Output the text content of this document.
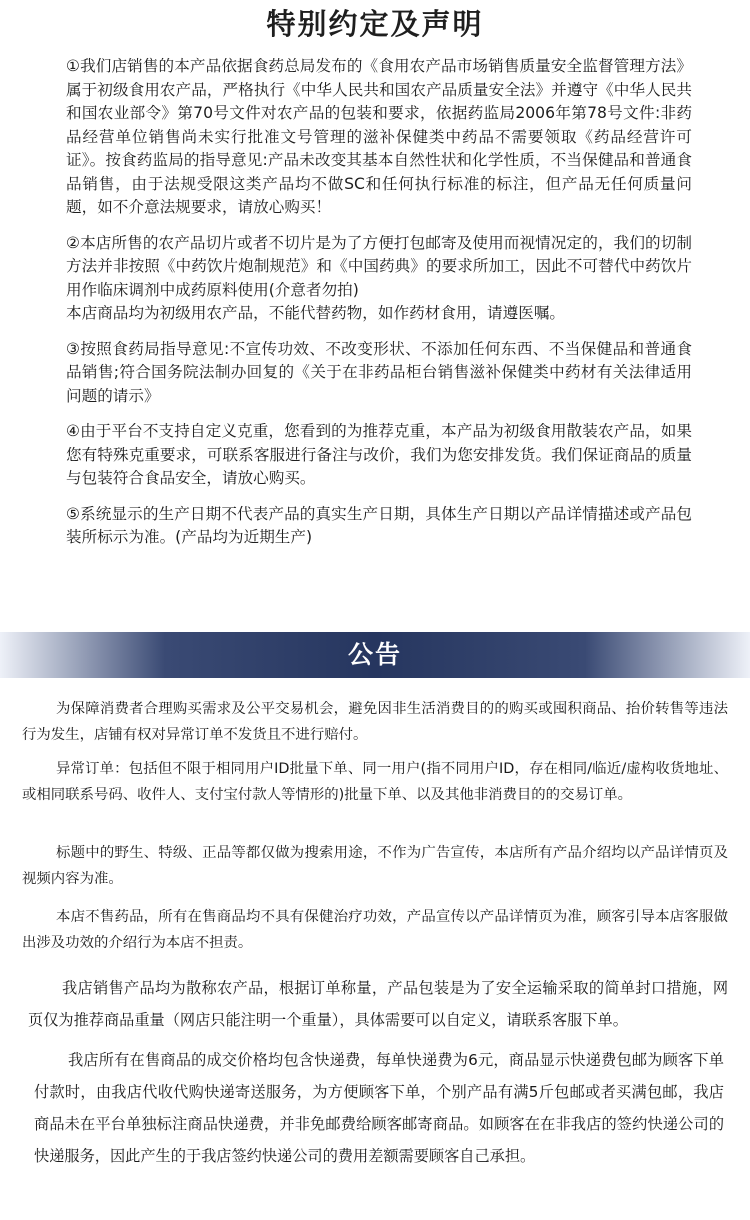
特别约定及声明

①我们店销售的本产品依据食药总局发布的《食用农产品市场销售质量安全监督管理方法》属于初级食用农产品，严格执行《中华人民共和国农产品质量安全法》并遵守《中华人民共和国农业部令》第70号文件对农产品的包装和要求，依据药监局2006年第78号文件:非药品经营单位销售尚未实行批准文号管理的滋补保健类中药品不需要领取《药品经营许可证》。按食药监局的指导意见:产品未改变其基本自然性状和化学性质，不当保健品和普通食品销售，由于法规受限这类产品均不做SC和任何执行标准的标注，但产品无任何质量问题，如不介意法规要求，请放心购买！

②本店所售的农产品切片或者不切片是为了方便打包邮寄及使用而视情况定的，我们的切制方法并非按照《中药饮片炮制规范》和《中国药典》的要求所加工，因此不可替代中药饮片用作临床调剂中成药原料使用(介意者勿拍)
本店商品均为初级用农产品，不能代替药物，如作药材食用，请遵医嘱。

③按照食药局指导意见:不宣传功效、不改变形状、不添加任何东西、不当保健品和普通食品销售;符合国务院法制办回复的《关于在非药品柜台销售滋补保健类中药材有关法律适用问题的请示》

④由于平台不支持自定义克重，您看到的为推荐克重，本产品为初级食用散装农产品，如果您有特殊克重要求，可联系客服进行备注与改价，我们为您安排发货。我们保证商品的质量与包装符合食品安全，请放心购买。

⑤系统显示的生产日期不代表产品的真实生产日期，具体生产日期以产品详情描述或产品包装所标示为准。(产品均为近期生产)

公告

为保障消费者合理购买需求及公平交易机会，避免因非生活消费目的的购买或囤积商品、抬价转售等违法行为发生，店铺有权对异常订单不发货且不进行赔付。

异常订单：包括但不限于相同用户ID批量下单、同一用户(指不同用户ID，存在相同/临近/虚构收货地址、或相同联系号码、收件人、支付宝付款人等情形的)批量下单、以及其他非消费目的的交易订单。

标题中的野生、特级、正品等都仅做为搜索用途，不作为广告宣传，本店所有产品介绍均以产品详情页及视频内容为准。

本店不售药品，所有在售商品均不具有保健治疗功效，产品宣传以产品详情页为准，顾客引导本店客服做出涉及功效的介绍行为本店不担责。

我店销售产品均为散称农产品，根据订单称量，产品包装是为了安全运输采取的简单封口措施，网页仅为推荐商品重量（网店只能注明一个重量），具体需要可以自定义，请联系客服下单。

我店所有在售商品的成交价格均包含快递费，每单快递费为6元，商品显示快递费包邮为顾客下单付款时，由我店代收代购快递寄送服务，为方便顾客下单，个别产品有满5斤包邮或者买满包邮，我店商品未在平台单独标注商品快递费，并非免邮费给顾客邮寄商品。如顾客在在非我店的签约快递公司的快递服务，因此产生的于我店签约快递公司的费用差额需要顾客自己承担。
